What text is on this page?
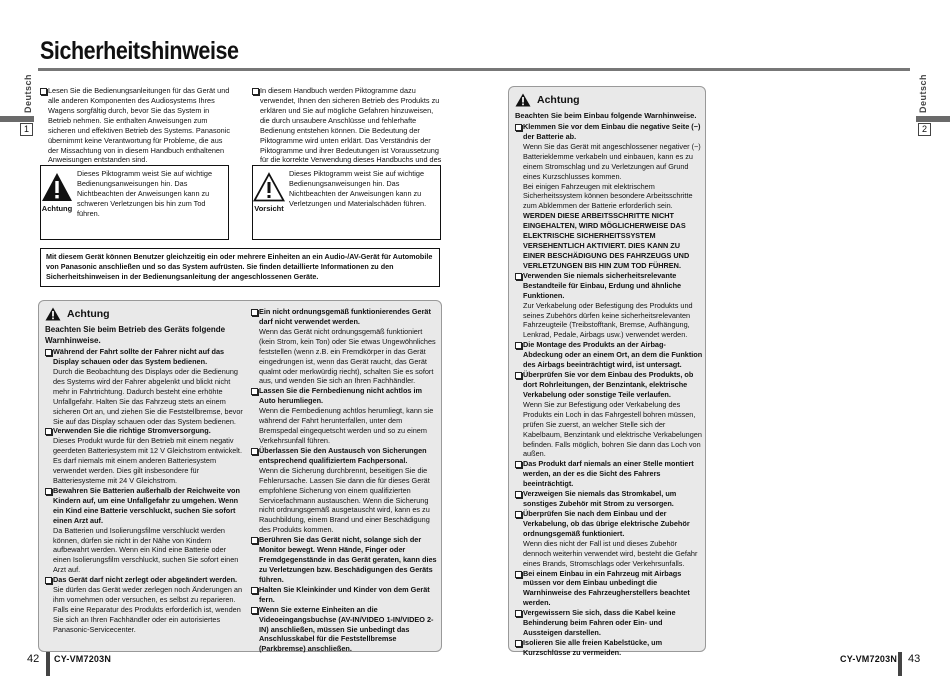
Sicherheitshinweise
Deutsch
1
Deutsch
2
Lesen Sie die Bedienungsanleitungen für das Gerät und alle anderen Komponenten des Audiosystems Ihres Wagens sorgfältig durch, bevor Sie das System in Betrieb nehmen. Sie enthalten Anweisungen zum sicheren und effektiven Betrieb des Systems. Panasonic übernimmt keine Verantwortung für Probleme, die aus der Missachtung von in diesem Handbuch enthaltenen Anweisungen entstanden sind.
In diesem Handbuch werden Piktogramme dazu verwendet, Ihnen den sicheren Betrieb des Produkts zu erklären und Sie auf mögliche Gefahren hinzuweisen, die durch unsaubere Anschlüsse und fehlerhafte Bedienung entstehen können. Die Bedeutung der Piktogramme wird unten erklärt. Das Verständnis der Piktogramme und ihrer Bedeutungen ist Voraussetzung für die korrekte Verwendung dieses Handbuchs und des
Achtung
Dieses Piktogramm weist Sie auf wichtige Bedienungsanweisungen hin. Das Nichtbeachten der Anweisungen kann zu schweren Verletzungen bis hin zum Tod führen.
Vorsicht
Dieses Piktogramm weist Sie auf wichtige Bedienungsanweisungen hin. Das Nichtbeachten der Anweisungen kann zu Verletzungen und Materialschäden führen.
Mit diesem Gerät können Benutzer gleichzeitig ein oder mehrere Einheiten an ein Audio-/AV-Gerät für Automobile von Panasonic anschließen und so das System aufrüsten. Sie finden detaillierte Informationen zu den Sicherheitshinweisen in der Bedienungsanleitung der angeschlossenen Geräte.
Achtung
Beachten Sie beim Betrieb des Geräts folgende Warnhinweise.
Während der Fahrt sollte der Fahrer nicht auf das Display schauen oder das System bedienen.
Durch die Beobachtung des Displays oder die Bedienung des Systems wird der Fahrer abgelenkt und blickt nicht mehr in Fahrtrichtung. Dadurch besteht eine erhöhte Unfallgefahr. Halten Sie das Fahrzeug stets an einem sicheren Ort an, und ziehen Sie die Feststellbremse, bevor Sie auf das Display schauen oder das System bedienen.
Verwenden Sie die richtige Stromversorgung.
Dieses Produkt wurde für den Betrieb mit einem negativ geerdeten Batteriesystem mit 12 V Gleichstrom entwickelt. Es darf niemals mit einem anderen Batteriesystem verwendet werden. Dies gilt insbesondere für Batteriesysteme mit 24 V Gleichstrom.
Bewahren Sie Batterien außerhalb der Reichweite von Kindern auf, um eine Unfallgefahr zu umgehen. Wenn ein Kind eine Batterie verschluckt, suchen Sie sofort einen Arzt auf.
Da Batterien und Isolierungsfilme verschluckt werden können, dürfen sie nicht in der Nähe von Kindern aufbewahrt werden. Wenn ein Kind eine Batterie oder einen Isolierungsfilm verschluckt, suchen Sie sofort einen Arzt auf.
Das Gerät darf nicht zerlegt oder abgeändert werden.
Sie dürfen das Gerät weder zerlegen noch Änderungen an ihm vornehmen oder versuchen, es selbst zu reparieren. Falls eine Reparatur des Produkts erforderlich ist, wenden Sie sich an Ihren Fachhändler oder ein autorisiertes Panasonic-Servicecenter.
Ein nicht ordnungsgemäß funktionierendes Gerät darf nicht verwendet werden.
Wenn das Gerät nicht ordnungsgemäß funktioniert (kein Strom, kein Ton) oder Sie etwas Ungewöhnliches feststellen (wenn z.B. ein Fremdkörper in das Gerät eingedrungen ist, wenn das Gerät raucht, das Gerät qualmt oder merkwürdig riecht), schalten Sie es sofort aus, und wenden Sie sich an Ihren Fachhändler.
Lassen Sie die Fernbedienung nicht achtlos im Auto herumliegen.
Wenn die Fernbedienung achtlos herumliegt, kann sie während der Fahrt herunterfallen, unter dem Bremspedal eingequetscht werden und so zu einem Verkehrsunfall führen.
Überlassen Sie den Austausch von Sicherungen entsprechend qualifiziertem Fachpersonal.
Wenn die Sicherung durchbrennt, beseitigen Sie die Fehlerursache. Lassen Sie dann die für dieses Gerät empfohlene Sicherung von einem qualifizierten Servicefachmann austauschen. Wenn die Sicherung nicht ordnungsgemäß ausgetauscht wird, kann es zu Rauchbildung, einem Brand und einer Beschädigung des Produkts kommen.
Berühren Sie das Gerät nicht, solange sich der Monitor bewegt. Wenn Hände, Finger oder Fremdgegenstände in das Gerät geraten, kann dies zu Verletzungen bzw. Beschädigungen des Geräts führen.
Halten Sie Kleinkinder und Kinder von dem Gerät fern.
Wenn Sie externe Einheiten an die Videoeingangsbuchse (AV-IN/VIDEO 1-IN/VIDEO 2-IN) anschließen, müssen Sie unbedingt das Anschlusskabel für die Feststellbremse (Parkbremse) anschließen.
Achtung
Beachten Sie beim Einbau folgende Warnhinweise.
Klemmen Sie vor dem Einbau die negative Seite (−) der Batterie ab.
Wenn Sie das Gerät mit angeschlossener negativer (−) Batterieklemme verkabeln und einbauen, kann es zu einem Stromschlag und zu Verletzungen auf Grund eines Kurzschlusses kommen.
Bei einigen Fahrzeugen mit elektrischem Sicherheitssystem können besondere Arbeitsschritte zum Abklemmen der Batterie erforderlich sein.
WERDEN DIESE ARBEITSSCHRITTE NICHT EINGEHALTEN, WIRD MÖGLICHERWEISE DAS ELEKTRISCHE SICHERHEITSSYSTEM VERSEHENTLICH AKTIVIERT. DIES KANN ZU EINER BESCHÄDIGUNG DES FAHRZEUGS UND VERLETZUNGEN BIS HIN ZUM TOD FÜHREN.
Verwenden Sie niemals sicherheitsrelevante Bestandteile für Einbau, Erdung und ähnliche Funktionen.
Zur Verkabelung oder Befestigung des Produkts und seines Zubehörs dürfen keine sicherheitsrelevanten Fahrzeugteile (Treibstofftank, Bremse, Aufhängung, Lenkrad, Pedale, Airbags usw.) verwendet werden.
Die Montage des Produkts an der Airbag-Abdeckung oder an einem Ort, an dem die Funktion des Airbags beeinträchtigt wird, ist untersagt.
Überprüfen Sie vor dem Einbau des Produkts, ob dort Rohrleitungen, der Benzintank, elektrische Verkabelung oder sonstige Teile verlaufen.
Wenn Sie zur Befestigung oder Verkabelung des Produkts ein Loch in das Fahrgestell bohren müssen, prüfen Sie zuerst, an welcher Stelle sich der Kabelbaum, Benzintank und elektrische Verkabelungen befinden. Falls möglich, bohren Sie dann das Loch von außen.
Das Produkt darf niemals an einer Stelle montiert werden, an der es die Sicht des Fahrers beeinträchtigt.
Verzweigen Sie niemals das Stromkabel, um sonstiges Zubehör mit Strom zu versorgen.
Überprüfen Sie nach dem Einbau und der Verkabelung, ob das übrige elektrische Zubehör ordnungsgemäß funktioniert.
Wenn dies nicht der Fall ist und dieses Zubehör dennoch weiterhin verwendet wird, besteht die Gefahr eines Brands, Stromschlags oder Verkehrsunfalls.
Bei einem Einbau in ein Fahrzeug mit Airbags müssen vor dem Einbau unbedingt die Warnhinweise des Fahrzeugherstellers beachtet werden.
Vergewissern Sie sich, dass die Kabel keine Behinderung beim Fahren oder Ein- und Aussteigen darstellen.
Isolieren Sie alle freien Kabelstücke, um Kurzschlüsse zu vermeiden.
42 CY-VM7203N	CY-VM7203N 43
